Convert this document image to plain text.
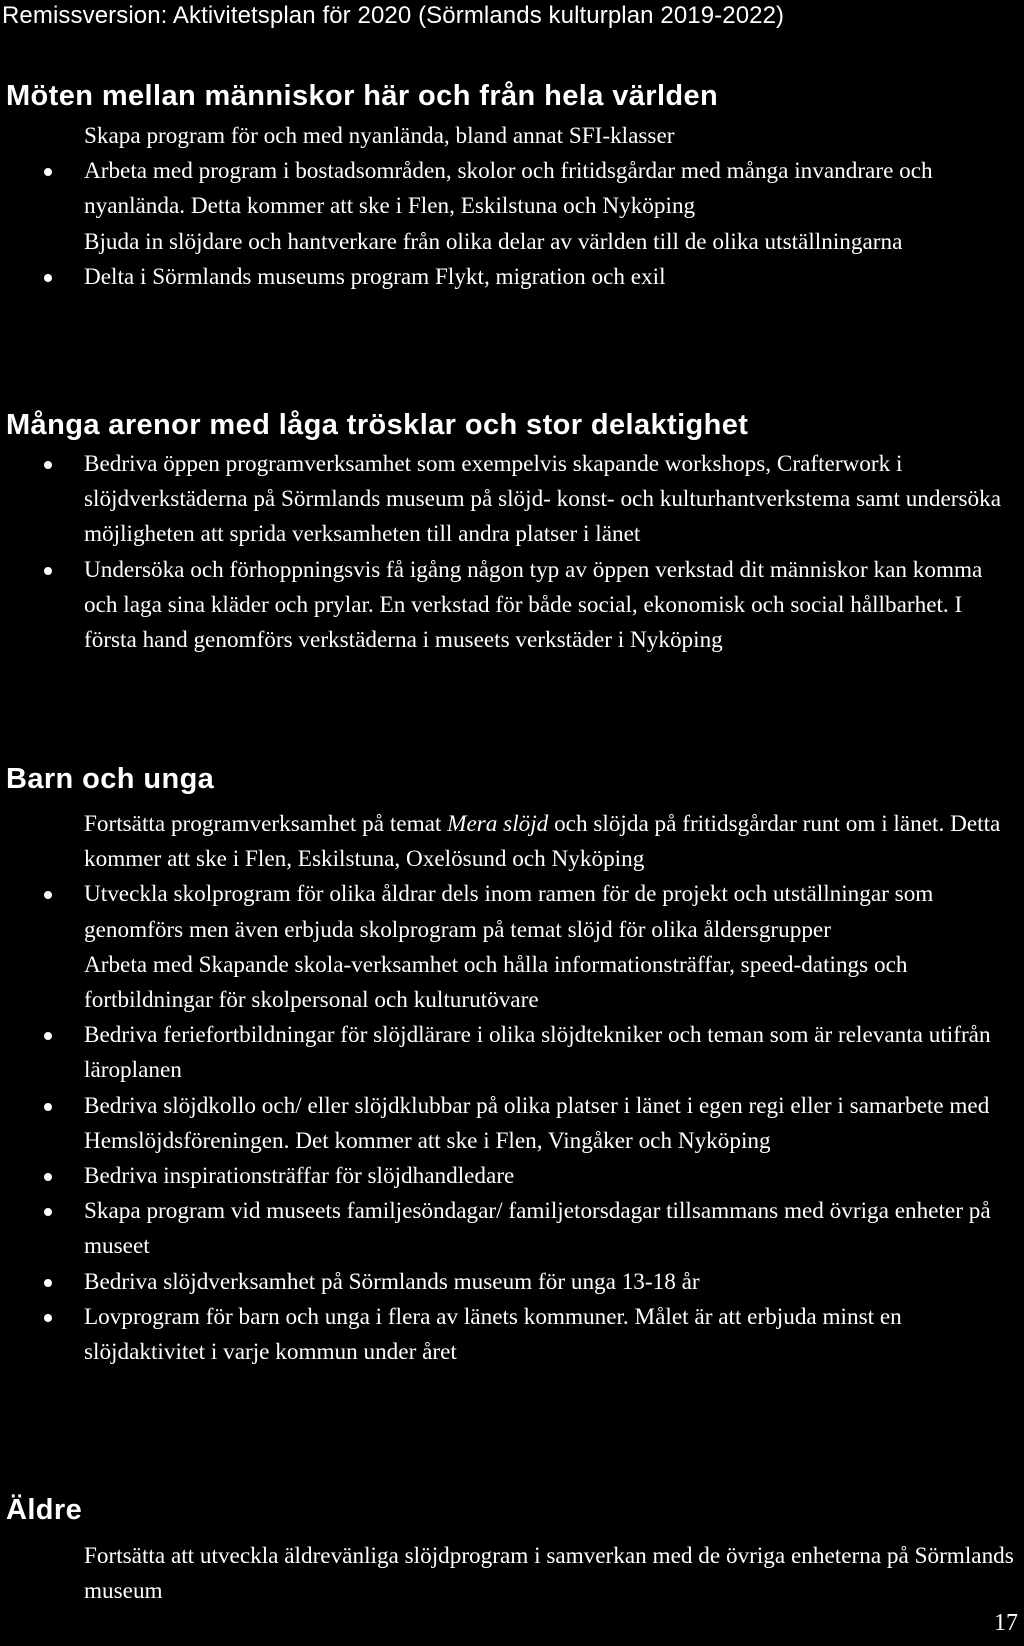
Remissversion: Aktivitetsplan för 2020 (Sörmlands kulturplan 2019-2022)
Möten mellan människor här och från hela världen
Skapa program för och med nyanlända, bland annat SFI-klasser
Arbeta med program i bostadsområden, skolor och fritidsgårdar med många invandrare och nyanlända. Detta kommer att ske i Flen, Eskilstuna och Nyköping
Bjuda in slöjdare och hantverkare från olika delar av världen till de olika utställningarna
Delta i Sörmlands museums program Flykt, migration och exil
Många arenor med låga trösklar och stor delaktighet
Bedriva öppen programverksamhet som exempelvis skapande workshops, Crafterwork i slöjdverkstäderna på Sörmlands museum på slöjd- konst- och kulturhantverkstema samt undersöka möjligheten att sprida verksamheten till andra platser i länet
Undersöka och förhoppningsvis få igång någon typ av öppen verkstad dit människor kan komma och laga sina kläder och prylar. En verkstad för både social, ekonomisk och social hållbarhet. I första hand genomförs verkstäderna i museets verkstäder i Nyköping
Barn och unga
Fortsätta programverksamhet på temat Mera slöjd och slöjda på fritidsgårdar runt om i länet. Detta kommer att ske i Flen, Eskilstuna, Oxelösund och Nyköping
Utveckla skolprogram för olika åldrar dels inom ramen för de projekt och utställningar som genomförs men även erbjuda skolprogram på temat slöjd för olika åldersgrupper
Arbeta med Skapande skola-verksamhet och hålla informationsträffar, speed-datings och fortbildningar för skolpersonal och kulturutövare
Bedriva feriefortbildningar för slöjdlärare i olika slöjdtekniker och teman som är relevanta utifrån läroplanen
Bedriva slöjdkollo och/ eller slöjdklubbar på olika platser i länet i egen regi eller i samarbete med Hemslöjdsföreningen. Det kommer att ske i Flen, Vingåker och Nyköping
Bedriva inspirationsträffar för slöjdhandledare
Skapa program vid museets familjesöndagar/ familjetorsdagar tillsammans med övriga enheter på museet
Bedriva slöjdverksamhet på Sörmlands museum för unga 13-18 år
Lovprogram för barn och unga i flera av länets kommuner. Målet är att erbjuda minst en slöjdaktivitet i varje kommun under året
Äldre
Fortsätta att utveckla äldrevänliga slöjdprogram i samverkan med de övriga enheterna på Sörmlands museum
17
